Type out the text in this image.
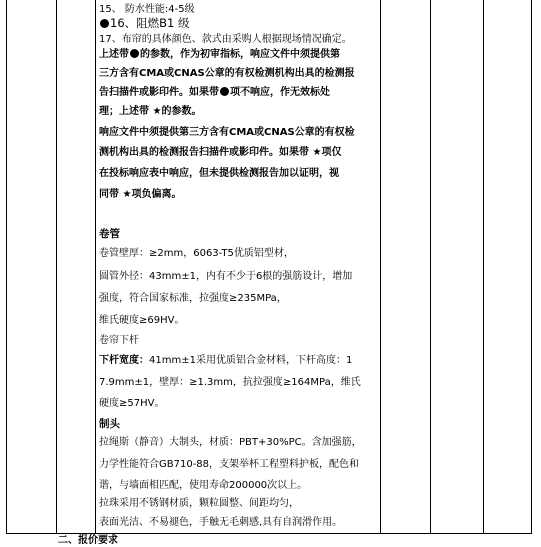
15、 防水性能:4-5级
16、阻燃B1 级
17、布帘的具体颜色、款式由采购人根据现场情况确定。
上述带 的参数，作为初审指标，响应文件中须提供第
三方含有CMA或CNAS公章的有权检测机构出具的检测报
告扫描件或影印件。如果带 项不响应，作无效标处
理；上述带 ★的参数。
响应文件中须提供第三方含有CMA或CNAS公章的有权检
测机构出具的检测报告扫描件或影印件。如果带 ★项仅
在投标响应表中响应，但未提供检测报告加以证明，视
同带 ★项负偏离。
卷管
卷管壁厚：≥2mm，6063-T5优质铝型材，
圆管外径：43mm±1，内有不少于6根的强筋设计，增加
强度，符合国家标准，拉强度≥235MPa，
维氏硬度≥69HV。
卷帘下杆
下杆宽度：41mm±1采用优质铝合金材料，下杆高度：1
7.9mm±1，壁厚：≥1.3mm，抗拉强度≥164MPa，维氏
硬度≥57HV。
制头
拉绳斯（静音）大制头，材质：PBT+30%PC。含加强筋，
力学性能符合GB710-88，支架举杯工程塑料护板，配色和
谐，与墙面相匹配，使用寿命200000次以上。
拉珠采用不锈钢材质，颗粒圆整、间距均匀，
表面光洁、不易褪色，手触无毛刺感,具有自润滑作用。
二、报价要求
